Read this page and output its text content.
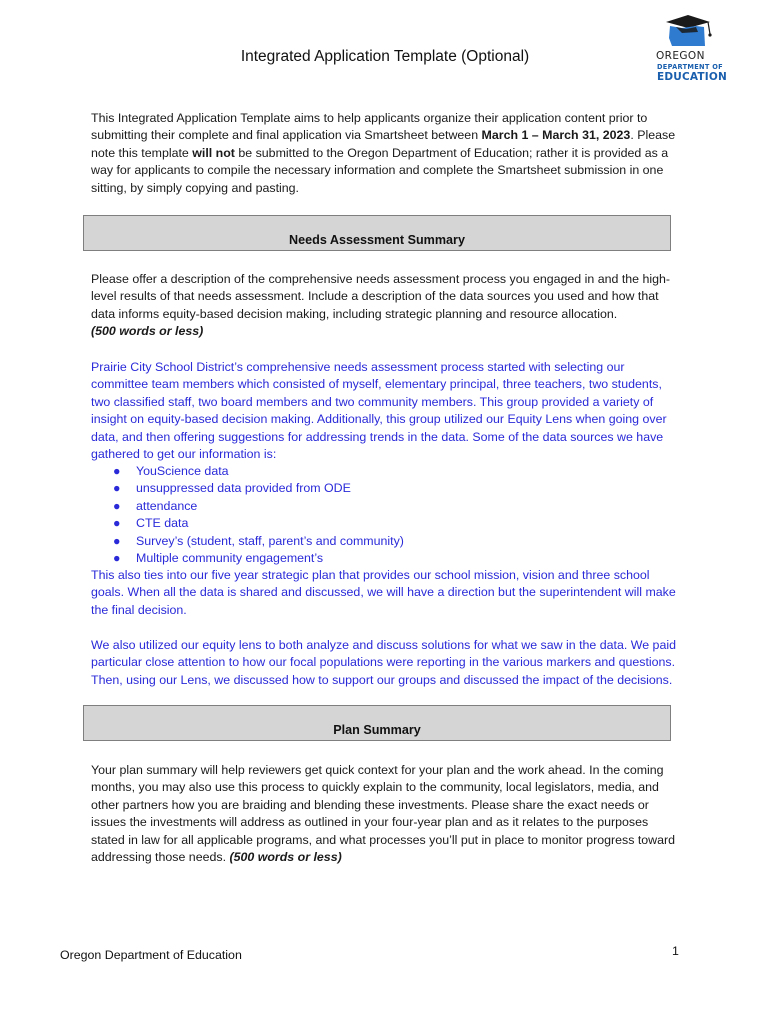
Integrated Application Template (Optional)	OREGON
DEPARTMENT OF
EDUCATION

This Integrated Application Template aims to help applicants organize their application content prior to submitting their complete and final application via Smartsheet between March 1 – March 31, 2023. Please note this template will not be submitted to the Oregon Department of Education; rather it is provided as a way for applicants to compile the necessary information and complete the Smartsheet submission in one sitting, by simply copying and pasting.

Needs Assessment Summary

Please offer a description of the comprehensive needs assessment process you engaged in and the high-level results of that needs assessment. Include a description of the data sources you used and how that data informs equity-based decision making, including strategic planning and resource allocation.
(500 words or less)

Prairie City School District’s comprehensive needs assessment process started with selecting our committee team members which consisted of myself, elementary principal, three teachers, two students, two classified staff, two board members and two community members. This group provided a variety of insight on equity-based decision making. Additionally, this group utilized our Equity Lens when going over data, and then offering suggestions for addressing trends in the data. Some of the data sources we have gathered to get our information is:

● YouScience data
● unsuppressed data provided from ODE
● attendance
● CTE data
● Survey’s (student, staff, parent’s and community)
● Multiple community engagement’s

This also ties into our five year strategic plan that provides our school mission, vision and three school goals. When all the data is shared and discussed, we will have a direction but the superintendent will make the final decision.

We also utilized our equity lens to both analyze and discuss solutions for what we saw in the data. We paid particular close attention to how our focal populations were reporting in the various markers and questions. Then, using our Lens, we discussed how to support our groups and discussed the impact of the decisions.

Plan Summary

Your plan summary will help reviewers get quick context for your plan and the work ahead. In the coming months, you may also use this process to quickly explain to the community, local legislators, media, and other partners how you are braiding and blending these investments. Please share the exact needs or issues the investments will address as outlined in your four-year plan and as it relates to the purposes stated in law for all applicable programs, and what processes you’ll put in place to monitor progress toward addressing those needs. (500 words or less)

Oregon Department of Education	1
